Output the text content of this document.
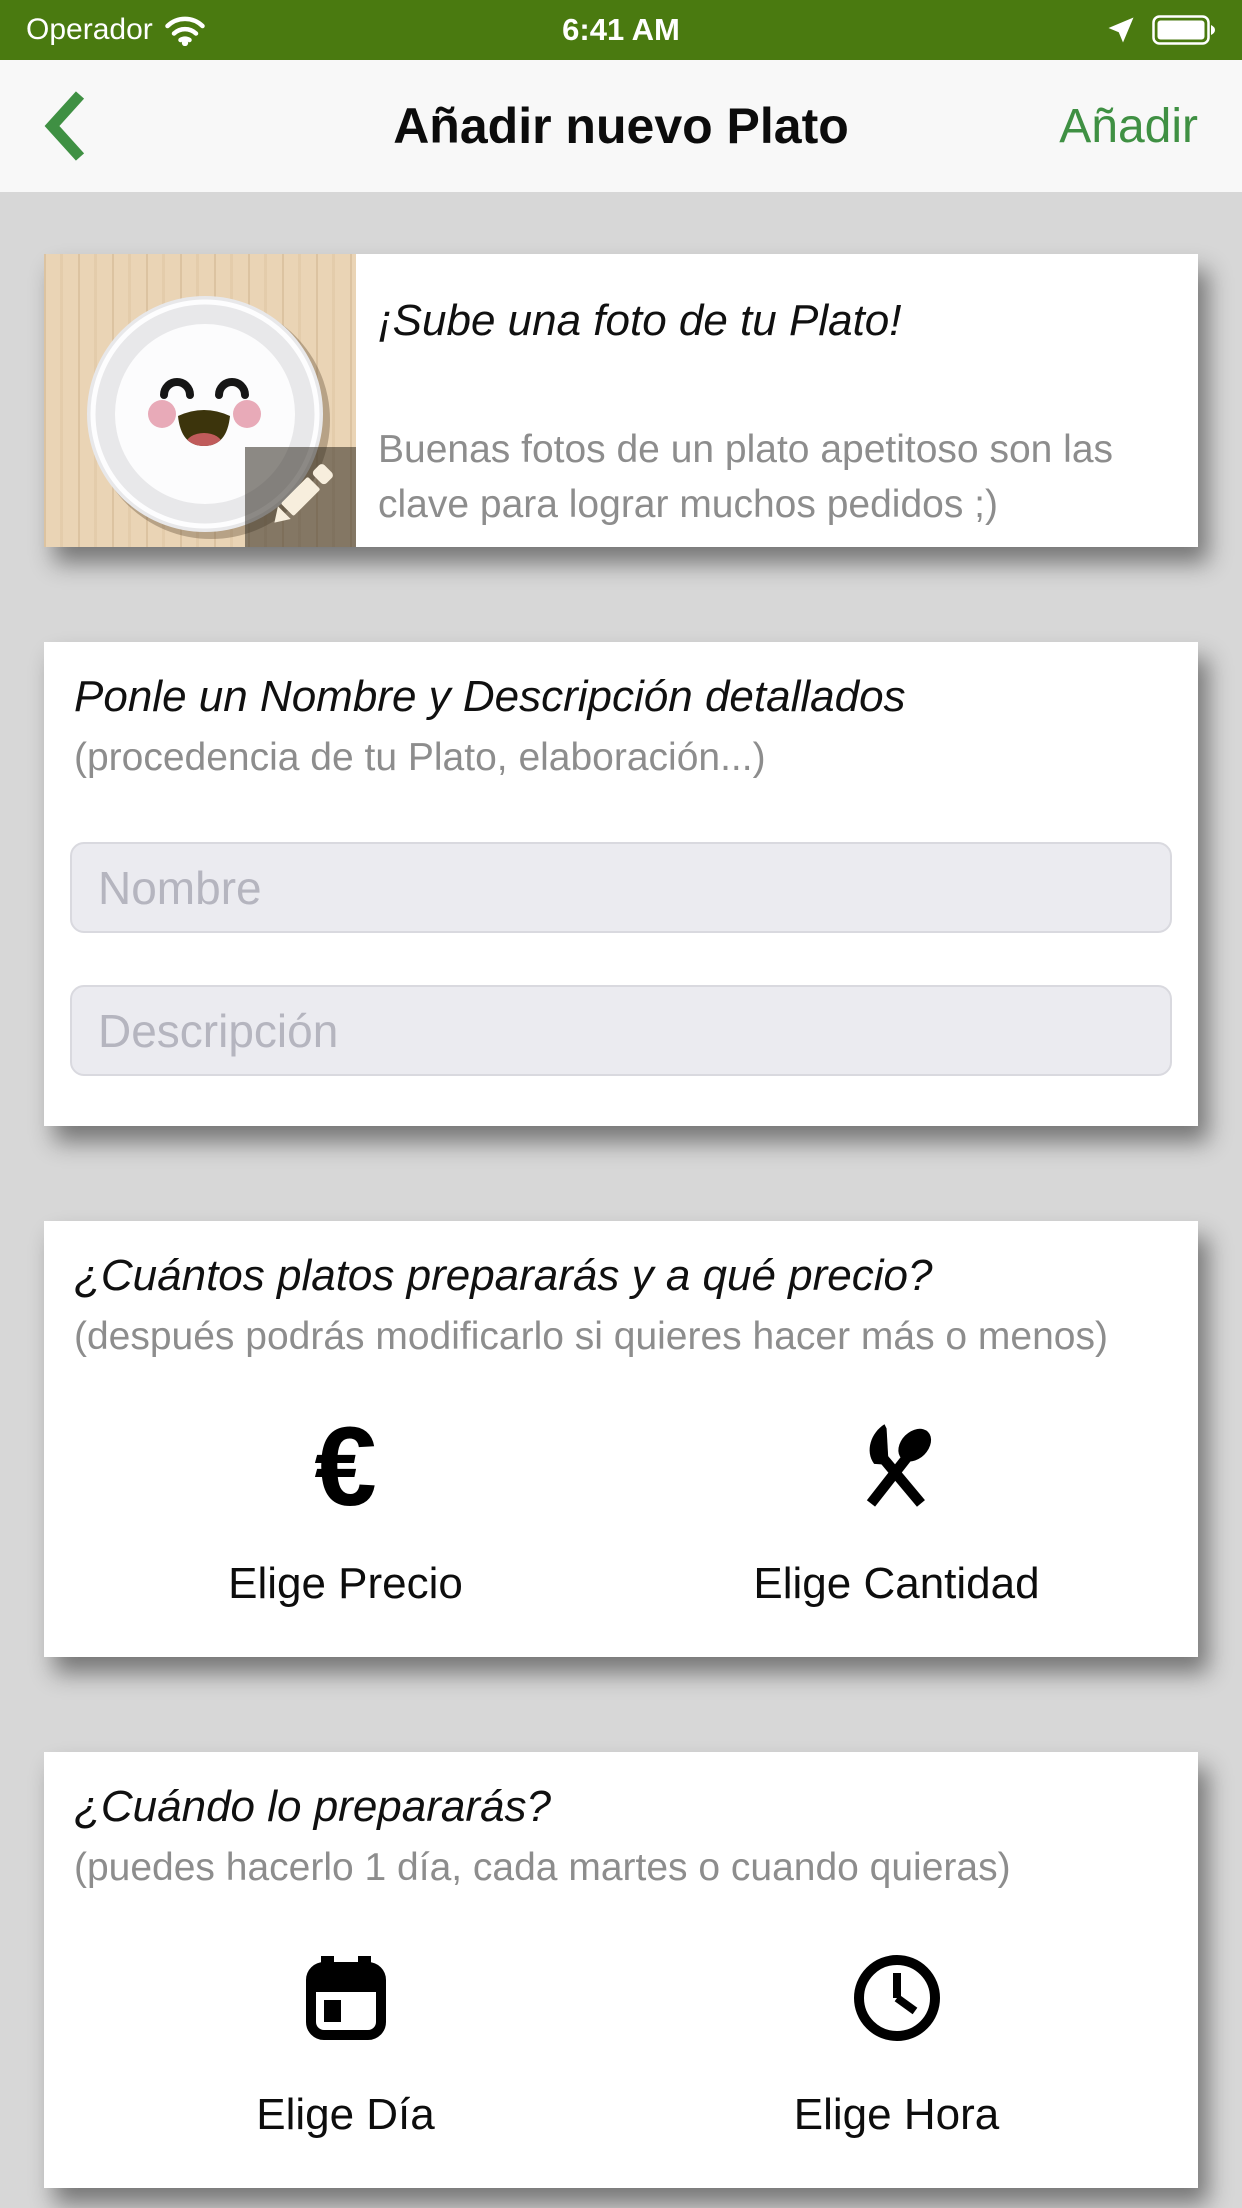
Operador	6:41 AM
Añadir nuevo Plato	Añadir
¡Sube una foto de tu Plato!
Buenas fotos de un plato apetitoso son las clave para lograr muchos pedidos ;)
Ponle un Nombre y Descripción detallados
(procedencia de tu Plato, elaboración...)
Nombre
Descripción
¿Cuántos platos prepararás y a qué precio?
(después podrás modificarlo si quieres hacer más o menos)
€
Elige Precio	Elige Cantidad
¿Cuándo lo prepararás?
(puedes hacerlo 1 día, cada martes o cuando quieras)
Elige Día	Elige Hora
